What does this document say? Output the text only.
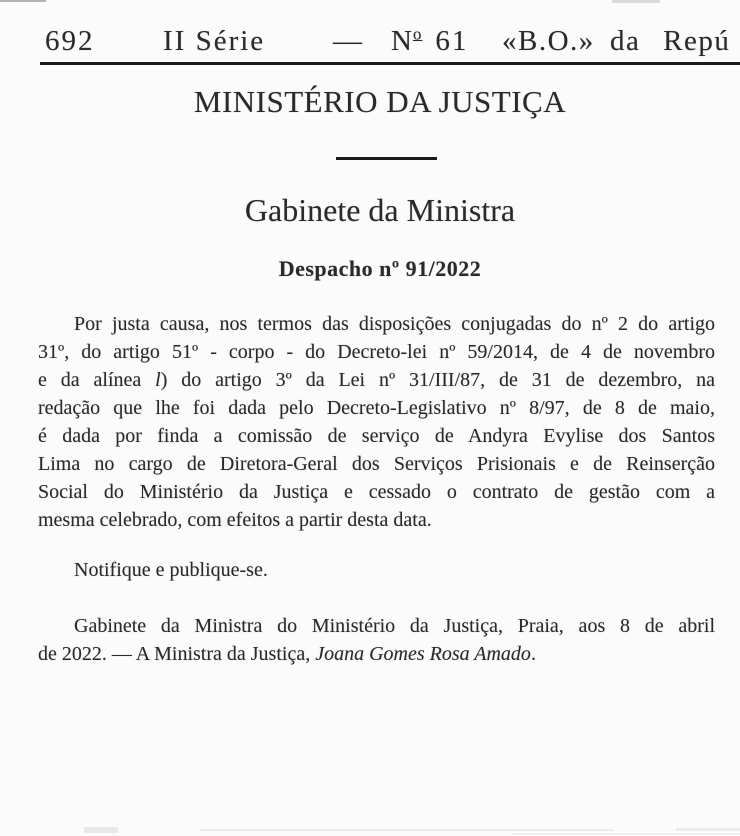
692 II Série — $N^o$ 61 «B.O.» da Repú
MINISTÉRIO DA JUSTIÇA
Gabinete da Ministra
Despacho nº 91/2022
Por justa causa, nos termos das disposições conjugadas do nº 2 do artigo
31º, do artigo 51º - corpo - do Decreto-lei nº 59/2014, de 4 de novembro
e da alínea l) do artigo 3º da Lei nº 31/III/87, de 31 de dezembro, na
redação que lhe foi dada pelo Decreto-Legislativo nº 8/97, de 8 de maio,
é dada por finda a comissão de serviço de Andyra Evylise dos Santos
Lima no cargo de Diretora-Geral dos Serviços Prisionais e de Reinserção
Social do Ministério da Justiça e cessado o contrato de gestão com a
mesma celebrado, com efeitos a partir desta data.
Notifique e publique-se.
Gabinete da Ministra do Ministério da Justiça, Praia, aos 8 de abril
de 2022. — A Ministra da Justiça, Joana Gomes Rosa Amado.
